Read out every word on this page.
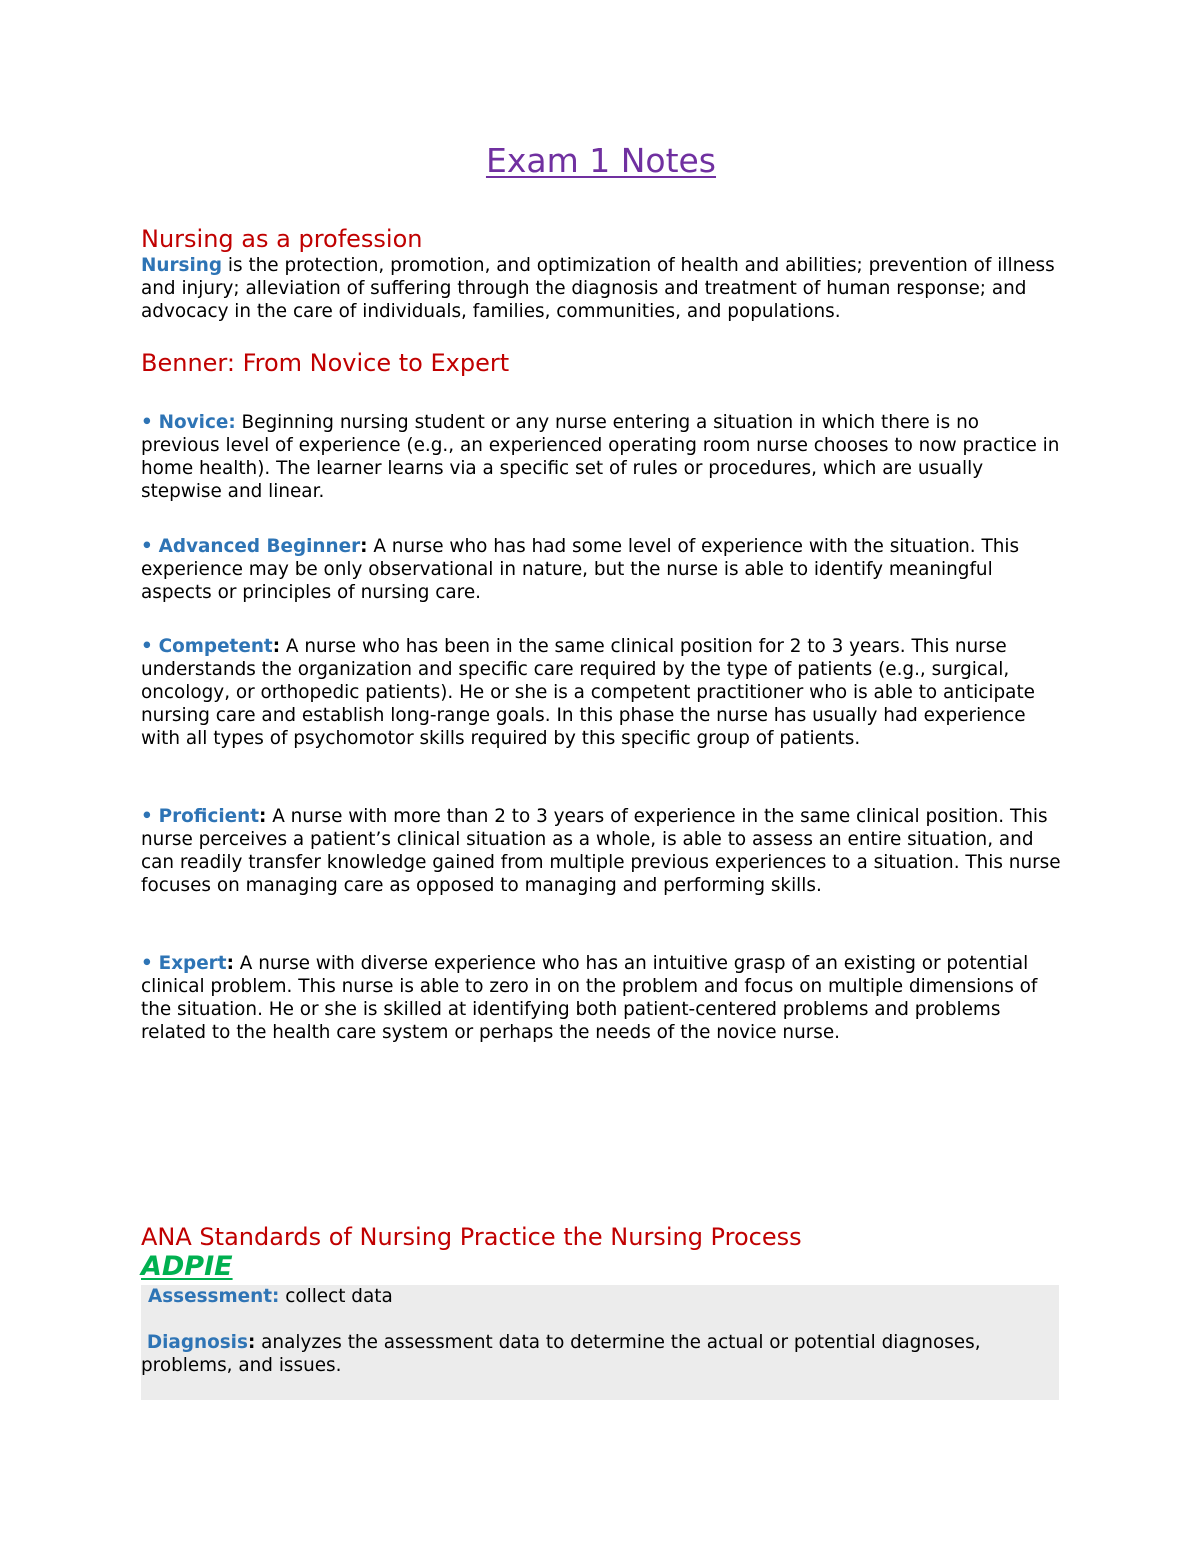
Exam 1 Notes
Nursing as a profession

Nursing is the protection, promotion, and optimization of health and abilities; prevention of illness and injury; alleviation of suffering through the diagnosis and treatment of human response; and advocacy in the care of individuals, families, communities, and populations.

Benner: From Novice to Expert

• Novice: Beginning nursing student or any nurse entering a situation in which there is no previous level of experience (e.g., an experienced operating room nurse chooses to now practice in home health). The learner learns via a specific set of rules or procedures, which are usually stepwise and linear.

• Advanced Beginner: A nurse who has had some level of experience with the situation. This experience may be only observational in nature, but the nurse is able to identify meaningful aspects or principles of nursing care.

• Competent: A nurse who has been in the same clinical position for 2 to 3 years. This nurse understands the organization and specific care required by the type of patients (e.g., surgical, oncology, or orthopedic patients). He or she is a competent practitioner who is able to anticipate nursing care and establish long-range goals. In this phase the nurse has usually had experience with all types of psychomotor skills required by this specific group of patients.

• Proficient: A nurse with more than 2 to 3 years of experience in the same clinical position. This nurse perceives a patient’s clinical situation as a whole, is able to assess an entire situation, and can readily transfer knowledge gained from multiple previous experiences to a situation. This nurse focuses on managing care as opposed to managing and performing skills.

• Expert: A nurse with diverse experience who has an intuitive grasp of an existing or potential clinical problem. This nurse is able to zero in on the problem and focus on multiple dimensions of the situation. He or she is skilled at identifying both patient-centered problems and problems related to the health care system or perhaps the needs of the novice nurse.

ANA Standards of Nursing Practice the Nursing Process

ADPIE

Assessment: collect data

Diagnosis: analyzes the assessment data to determine the actual or potential diagnoses, problems, and issues.
